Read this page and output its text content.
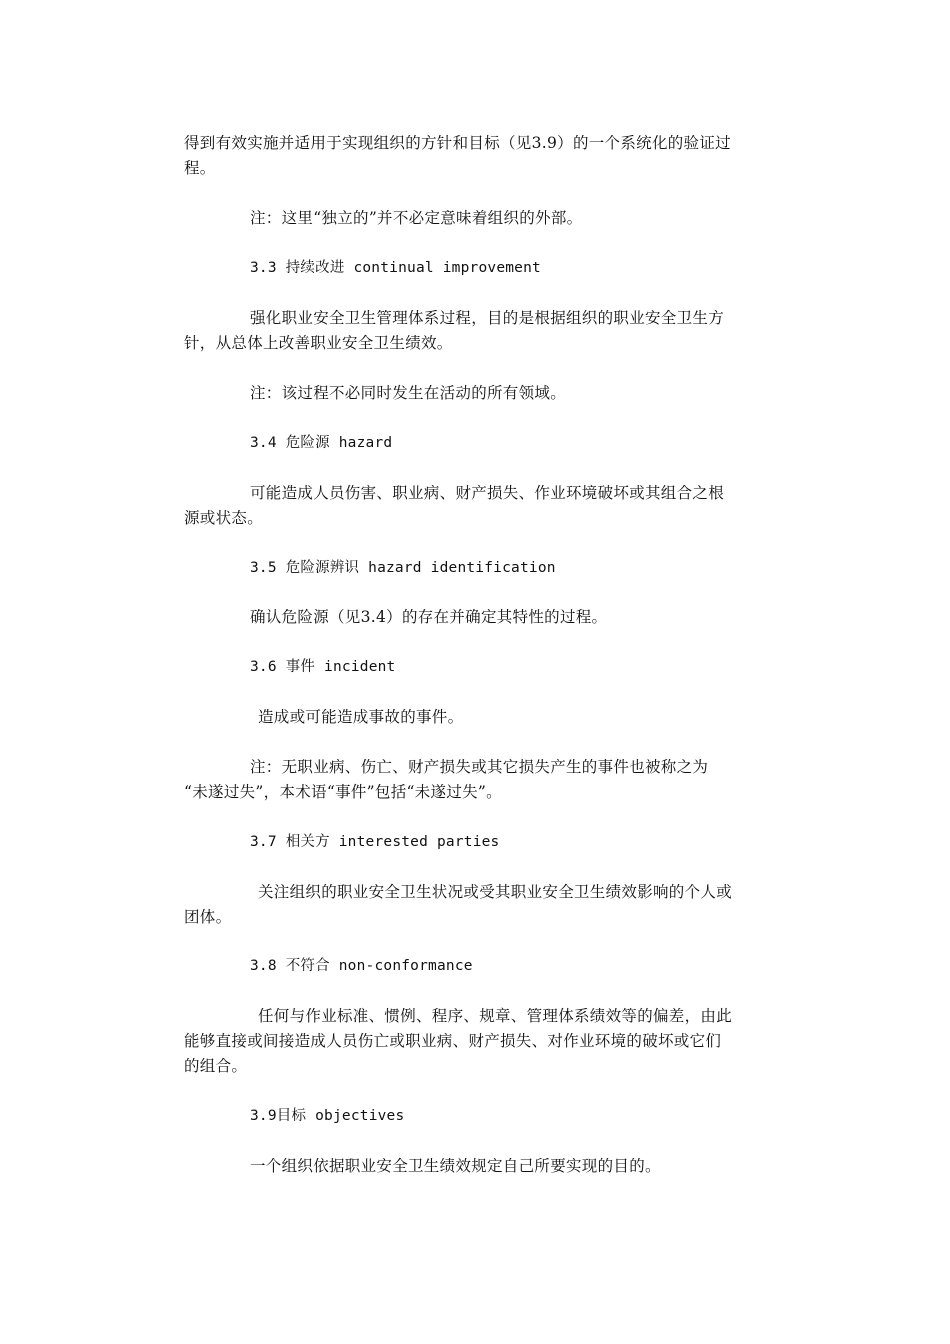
得到有效实施并适用于实现组织的方针和目标（见3.9）的一个系统化的验证过

程。

注：这里“独立的”并不必定意味着组织的外部。

3.3 持续改进 continual improvement

强化职业安全卫生管理体系过程，目的是根据组织的职业安全卫生方

针，从总体上改善职业安全卫生绩效。

注：该过程不必同时发生在活动的所有领域。

3.4 危险源 hazard

可能造成人员伤害、职业病、财产损失、作业环境破坏或其组合之根

源或状态。

3.5 危险源辨识 hazard identification

确认危险源（见3.4）的存在并确定其特性的过程。

3.6 事件 incident

造成或可能造成事故的事件。

注：无职业病、伤亡、财产损失或其它损失产生的事件也被称之为

“未遂过失”，本术语“事件”包括“未遂过失”。

3.7 相关方 interested parties

关注组织的职业安全卫生状况或受其职业安全卫生绩效影响的个人或

团体。

3.8 不符合 non-conformance

任何与作业标准、惯例、程序、规章、管理体系绩效等的偏差，由此

能够直接或间接造成人员伤亡或职业病、财产损失、对作业环境的破坏或它们

的组合。

3.9目标 objectives

一个组织依据职业安全卫生绩效规定自己所要实现的目的。
